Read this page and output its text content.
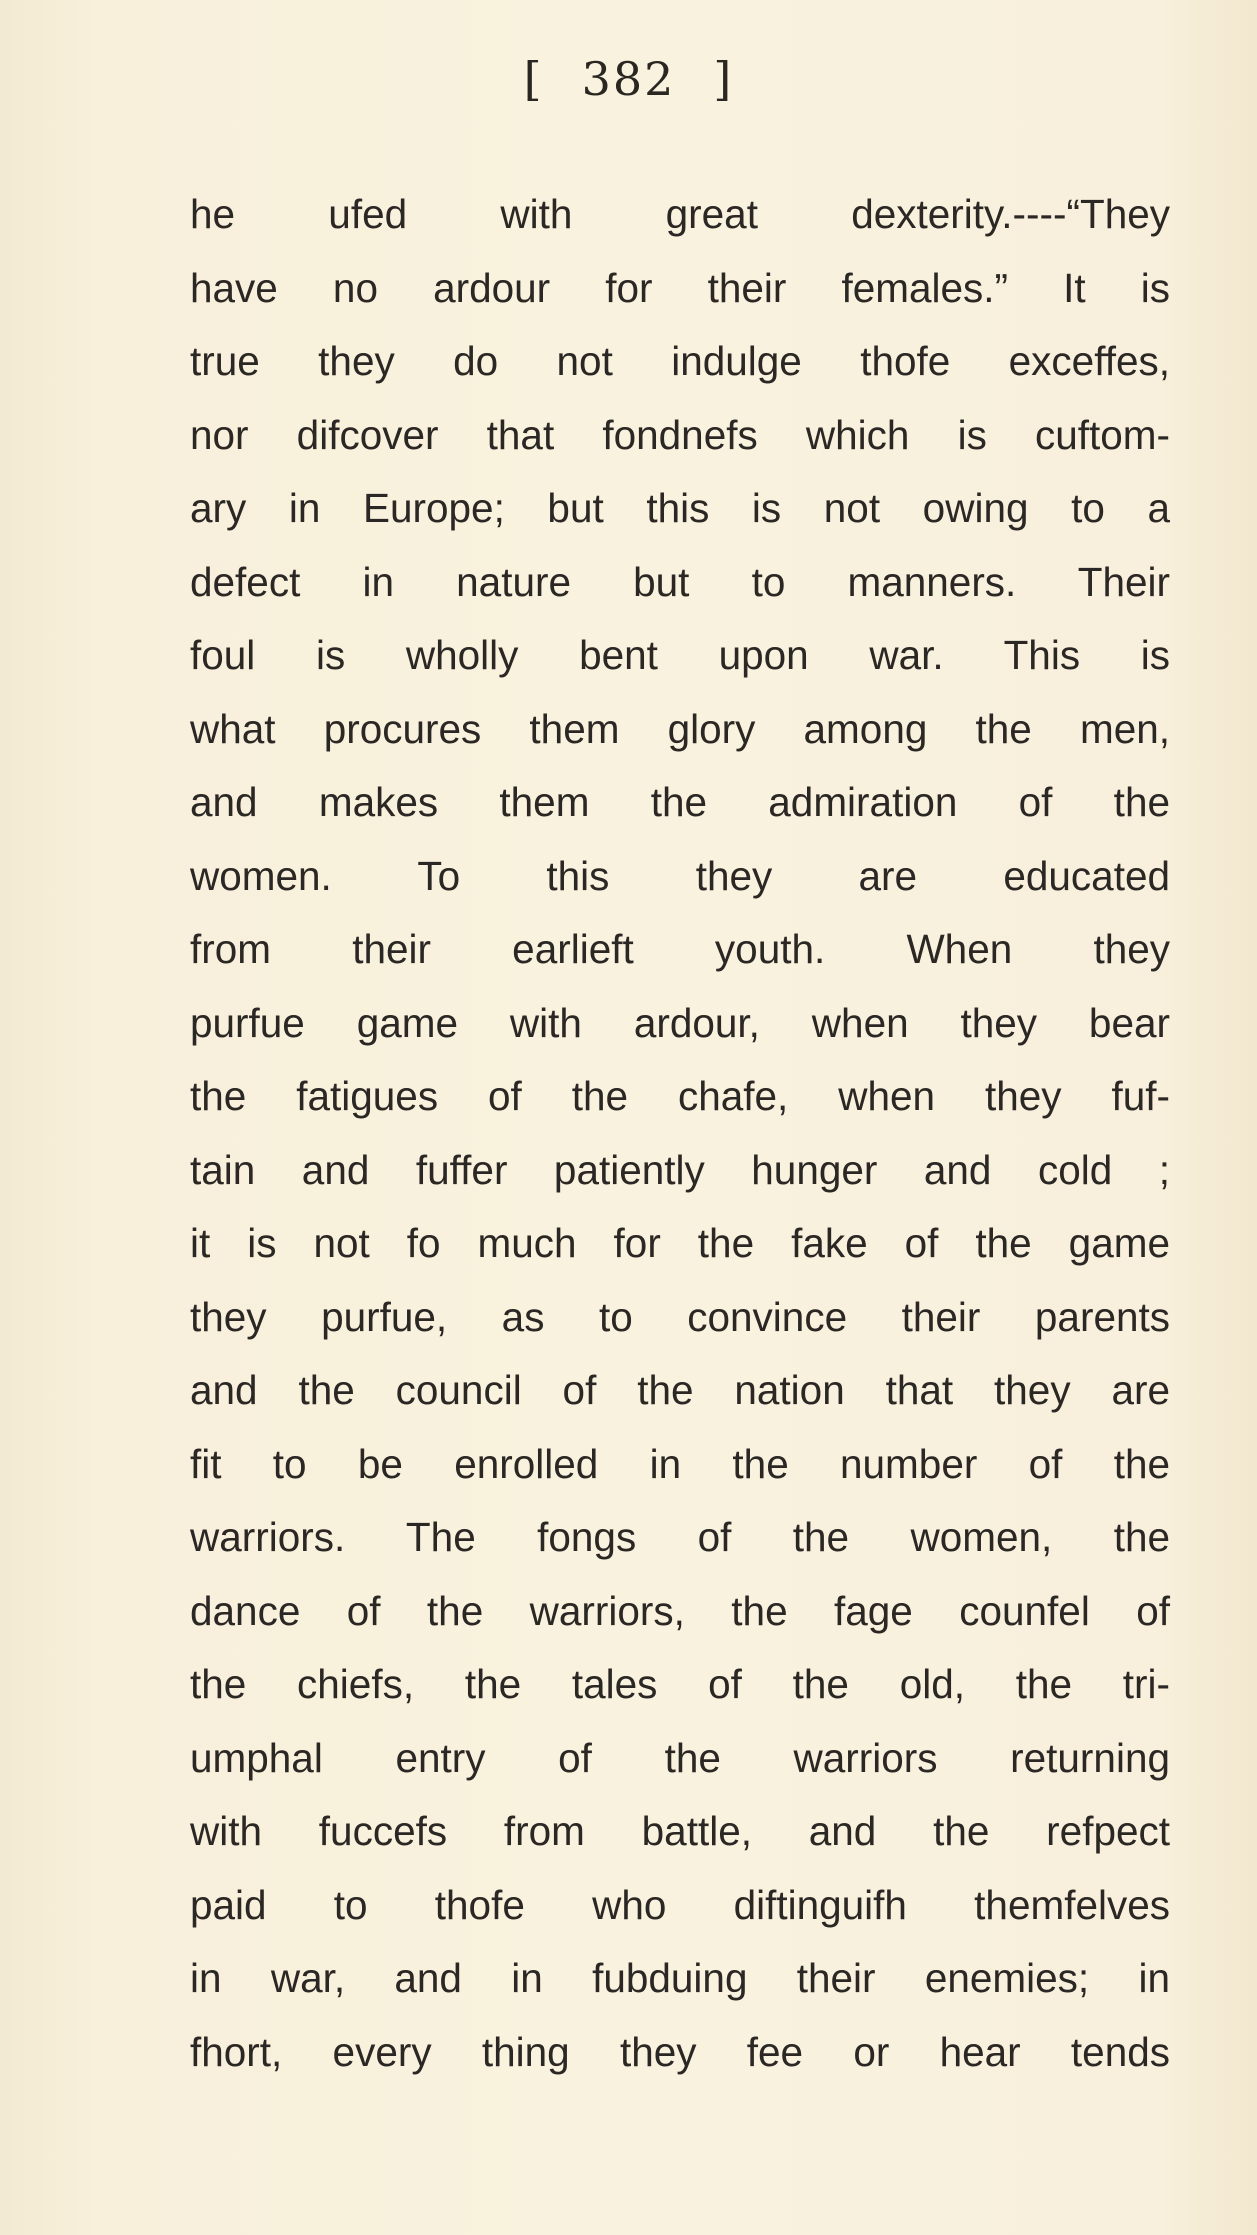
[ 382 ]
he ufed with great dexterity.----“They
have no ardour for their females.” It is
true they do not indulge thofe exceffes,
nor difcover that fondnefs which is cuftom-
ary in Europe; but this is not owing to a
defect in nature but to manners. Their
foul is wholly bent upon war. This is
what procures them glory among the men,
and makes them the admiration of the
women. To this they are educated
from their earlieft youth. When they
purfue game with ardour, when they bear
the fatigues of the chafe, when they fuf-
tain and fuffer patiently hunger and cold ;
it is not fo much for the fake of the game
they purfue, as to convince their parents
and the council of the nation that they are
fit to be enrolled in the number of the
warriors. The fongs of the women, the
dance of the warriors, the fage counfel of
the chiefs, the tales of the old, the tri-
umphal entry of the warriors returning
with fuccefs from battle, and the refpect
paid to thofe who diftinguifh themfelves
in war, and in fubduing their enemies; in
fhort, every thing they fee or hear tends
